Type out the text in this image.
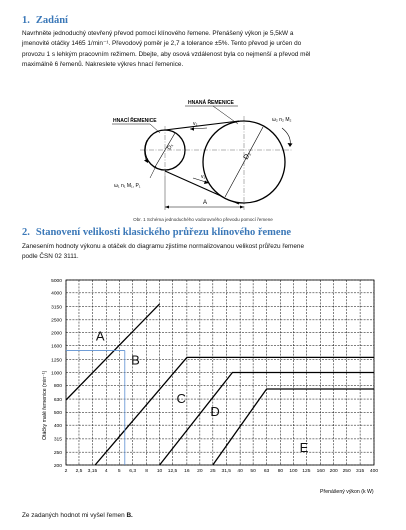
1. Zadání
Navrhněte jednoduchý otevřený převod pomocí klínového řemene. Přenášený výkon je 5,5kW a
jmenovité otáčky 1465 1/min⁻¹. Převodový poměr je 2,7 a tolerance ±5%. Tento převod je určen do
provozu 1 s lehkým pracovním režimem. Dbejte, aby osová vzdálenost byla co nejmenší a převod měl
maximálně 6 řemenů. Nakreslete výkres hnací řemenice.
D₁
D₂
v₂
v₁
HNANÁ ŘEMENICE
HNACÍ ŘEMENICE	ω₂ n₂ M₂
ω₁ n₁ M₁, P₁
A
Obr. 1 Schéma jednoduchého vodorovného převodu pomocí řemene
2. Stanovení velikosti klasického průřezu klínového řemene
Zanesením hodnoty výkonu a otáček do diagramu zjistíme normalizovanou velikost průřezu řemene
podle ČSN 02 3111.
A
B
C
D
E
2 2,5 3,15 4 5 6,3 8 10 12,5 16 20 25 31,5 40 50 63 80 100 125 160 200 250 315 400
200
250
315
400
500
630
800
1000
1250
1600
2000
2500
3150
4000
5000
Přenášený výkon (k W)
Otáčky malé řemenice (min⁻¹)
Ze zadaných hodnot mi vyšel řemen B.
